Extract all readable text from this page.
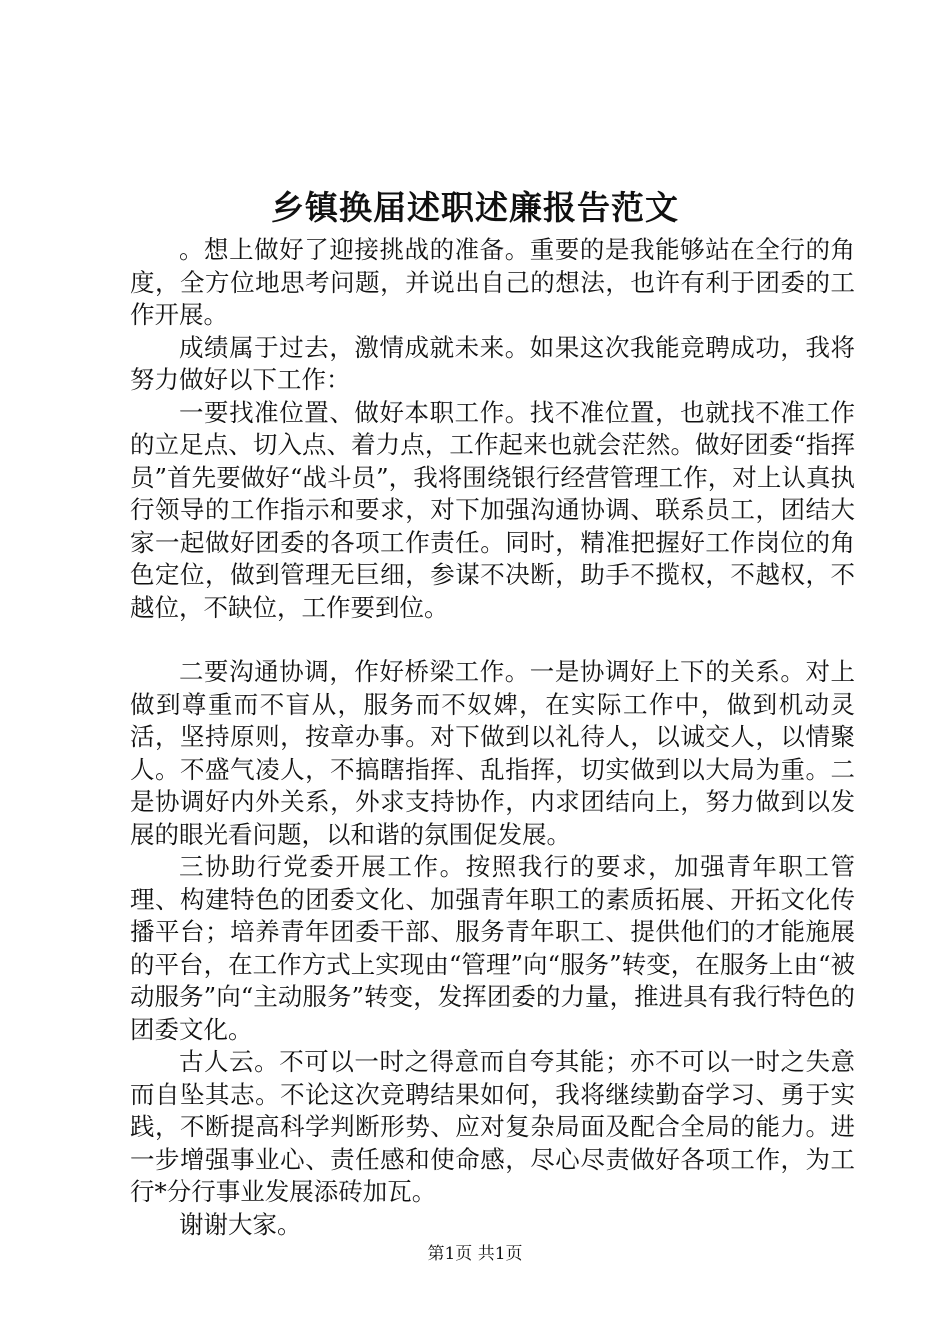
乡镇换届述职述廉报告范文

。想上做好了迎接挑战的准备。重要的是我能够站在全行的角度，全方位地思考问题，并说出自己的想法，也许有利于团委的工作开展。

成绩属于过去，激情成就未来。如果这次我能竞聘成功，我将努力做好以下工作：

一要找准位置、做好本职工作。找不准位置，也就找不准工作的立足点、切入点、着力点，工作起来也就会茫然。做好团委“指挥员”首先要做好“战斗员”，我将围绕银行经营管理工作，对上认真执行领导的工作指示和要求，对下加强沟通协调、联系员工，团结大家一起做好团委的各项工作责任。同时，精准把握好工作岗位的角色定位，做到管理无巨细，参谋不决断，助手不揽权，不越权，不越位，不缺位，工作要到位。

二要沟通协调，作好桥梁工作。一是协调好上下的关系。对上做到尊重而不盲从，服务而不奴婢，在实际工作中，做到机动灵活，坚持原则，按章办事。对下做到以礼待人，以诚交人，以情聚人。不盛气凌人，不搞瞎指挥、乱指挥，切实做到以大局为重。二是协调好内外关系，外求支持协作，内求团结向上，努力做到以发展的眼光看问题，以和谐的氛围促发展。

三协助行党委开展工作。按照我行的要求，加强青年职工管理、构建特色的团委文化、加强青年职工的素质拓展、开拓文化传播平台；培养青年团委干部、服务青年职工、提供他们的才能施展的平台，在工作方式上实现由“管理”向“服务”转变，在服务上由“被动服务”向“主动服务”转变，发挥团委的力量，推进具有我行特色的团委文化。

古人云。不可以一时之得意而自夸其能；亦不可以一时之失意而自坠其志。不论这次竞聘结果如何，我将继续勤奋学习、勇于实践，不断提高科学判断形势、应对复杂局面及配合全局的能力。进一步增强事业心、责任感和使命感，尽心尽责做好各项工作，为工行*分行事业发展添砖加瓦。

谢谢大家。

第1页 共1页
